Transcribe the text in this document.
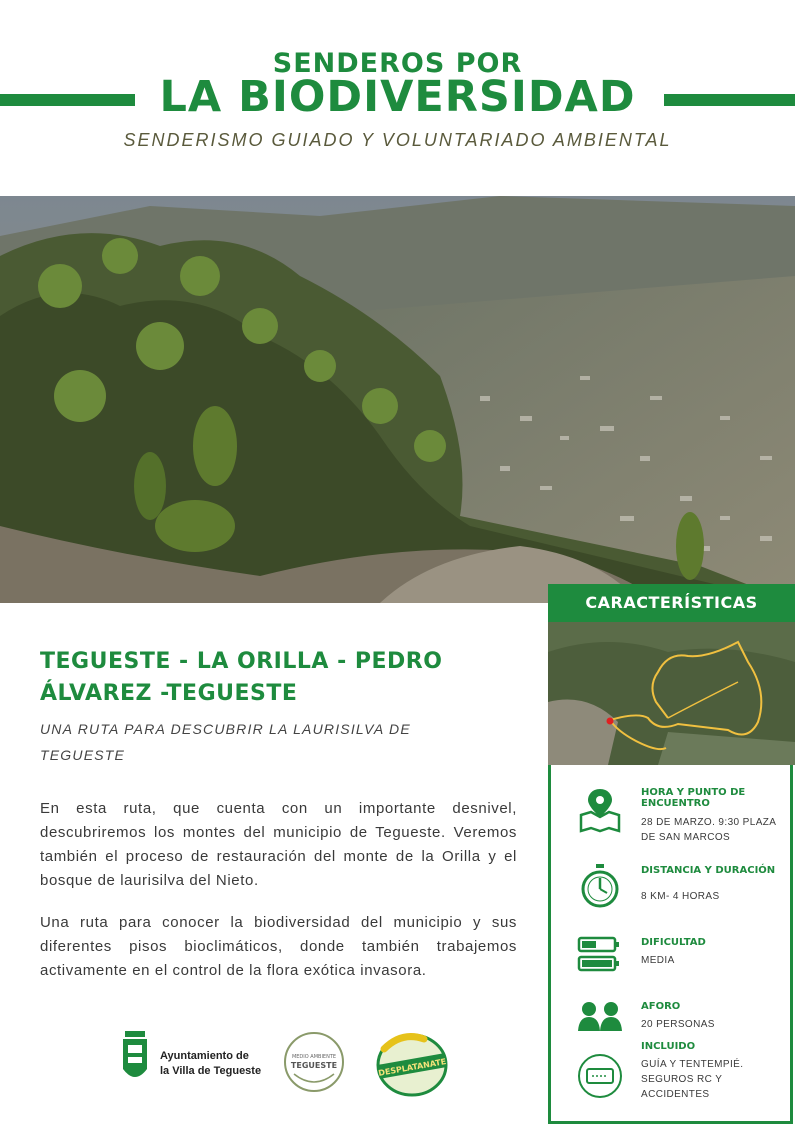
SENDEROS POR
LA BIODIVERSIDAD
SENDERISMO GUIADO Y VOLUNTARIADO AMBIENTAL
TEGUESTE - LA ORILLA - PEDRO
ÁLVAREZ -TEGUESTE
UNA RUTA PARA DESCUBRIR LA LAURISILVA DE TEGUESTE
En esta ruta, que cuenta con un importante desnivel, descubriremos los montes del municipio de Tegueste. Veremos también el proceso de restauración del monte de la Orilla y el bosque de laurisilva del Nieto.
Una ruta para conocer la biodiversidad del municipio y sus diferentes pisos bioclimáticos, donde también trabajemos activamente en el control de la flora exótica invasora.
Ayuntamiento de
la Villa de Tegueste
MEDIO AMBIENTE
TEGUESTE	DESPLATANATE
CARACTERÍSTICAS
HORA Y PUNTO DE ENCUENTRO
28 DE MARZO. 9:30 PLAZA DE SAN MARCOS
DISTANCIA Y DURACIÓN
8 KM- 4 HORAS
DIFICULTAD
MEDIA
AFORO
20 PERSONAS
INCLUIDO
GUÍA Y TENTEMPIÉ. SEGUROS RC Y ACCIDENTES
